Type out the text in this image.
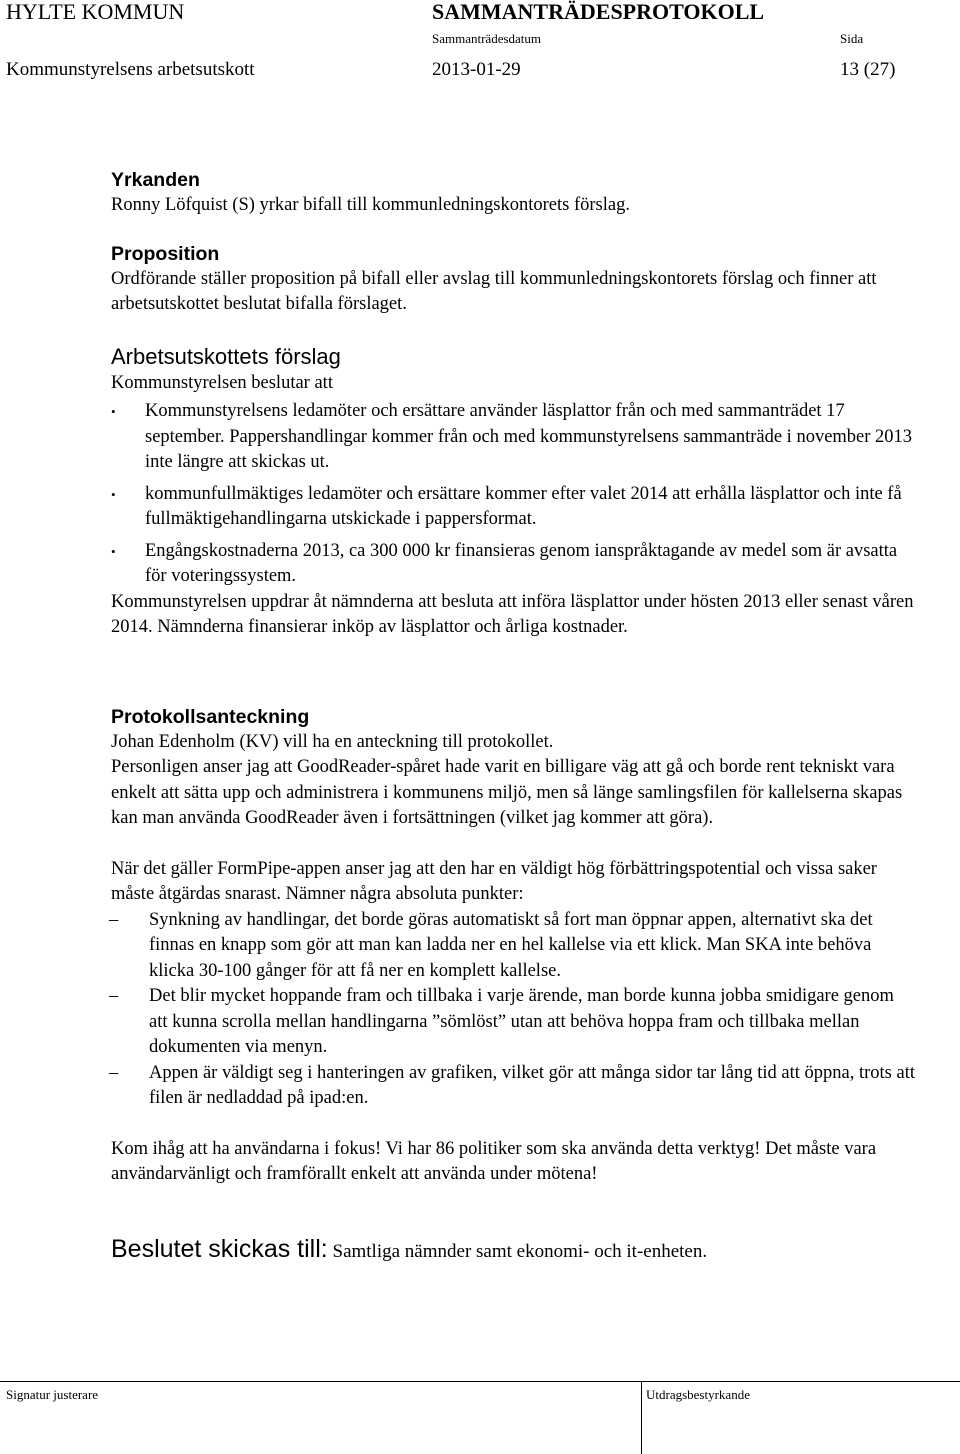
HYLTE KOMMUN	SAMMANTRÄDESPROTOKOLL
Sammanträdesdatum	Sida
Kommunstyrelsens arbetsutskott	2013-01-29	13 (27)
Yrkanden
Ronny Löfquist (S) yrkar bifall till kommunledningskontorets förslag.
Proposition
Ordförande ställer proposition på bifall eller avslag till kommunledningskontorets förslag och finner att arbetsutskottet beslutat bifalla förslaget.
Arbetsutskottets förslag
Kommunstyrelsen beslutar att
• Kommunstyrelsens ledamöter och ersättare använder läsplattor från och med sammanträdet 17 september. Pappershandlingar kommer från och med kommunstyrelsens sammanträde i november 2013 inte längre att skickas ut.
• kommunfullmäktiges ledamöter och ersättare kommer efter valet 2014 att erhålla läsplattor och inte få fullmäktigehandlingarna utskickade i pappersformat.
• Engångskostnaderna 2013, ca 300 000 kr finansieras genom ianspråktagande av medel som är avsatta för voteringssystem.
Kommunstyrelsen uppdrar åt nämnderna att besluta att införa läsplattor under hösten 2013 eller senast våren 2014. Nämnderna finansierar inköp av läsplattor och årliga kostnader.
Protokollsanteckning
Johan Edenholm (KV) vill ha en anteckning till protokollet.
Personligen anser jag att GoodReader-spåret hade varit en billigare väg att gå och borde rent tekniskt vara enkelt att sätta upp och administrera i kommunens miljö, men så länge samlingsfilen för kallelserna skapas kan man använda GoodReader även i fortsättningen (vilket jag kommer att göra).
När det gäller FormPipe-appen anser jag att den har en väldigt hög förbättringspotential och vissa saker måste åtgärdas snarast. Nämner några absoluta punkter:
– Synkning av handlingar, det borde göras automatiskt så fort man öppnar appen, alternativt ska det finnas en knapp som gör att man kan ladda ner en hel kallelse via ett klick. Man SKA inte behöva klicka 30-100 gånger för att få ner en komplett kallelse.
– Det blir mycket hoppande fram och tillbaka i varje ärende, man borde kunna jobba smidigare genom att kunna scrolla mellan handlingarna ”sömlöst” utan att behöva hoppa fram och tillbaka mellan dokumenten via menyn.
– Appen är väldigt seg i hanteringen av grafiken, vilket gör att många sidor tar lång tid att öppna, trots att filen är nedladdad på ipad:en.
Kom ihåg att ha användarna i fokus! Vi har 86 politiker som ska använda detta verktyg! Det måste vara användarvänligt och framförallt enkelt att använda under mötena!
Beslutet skickas till: Samtliga nämnder samt ekonomi- och it-enheten.
Signatur justerare	Utdragsbestyrkande
